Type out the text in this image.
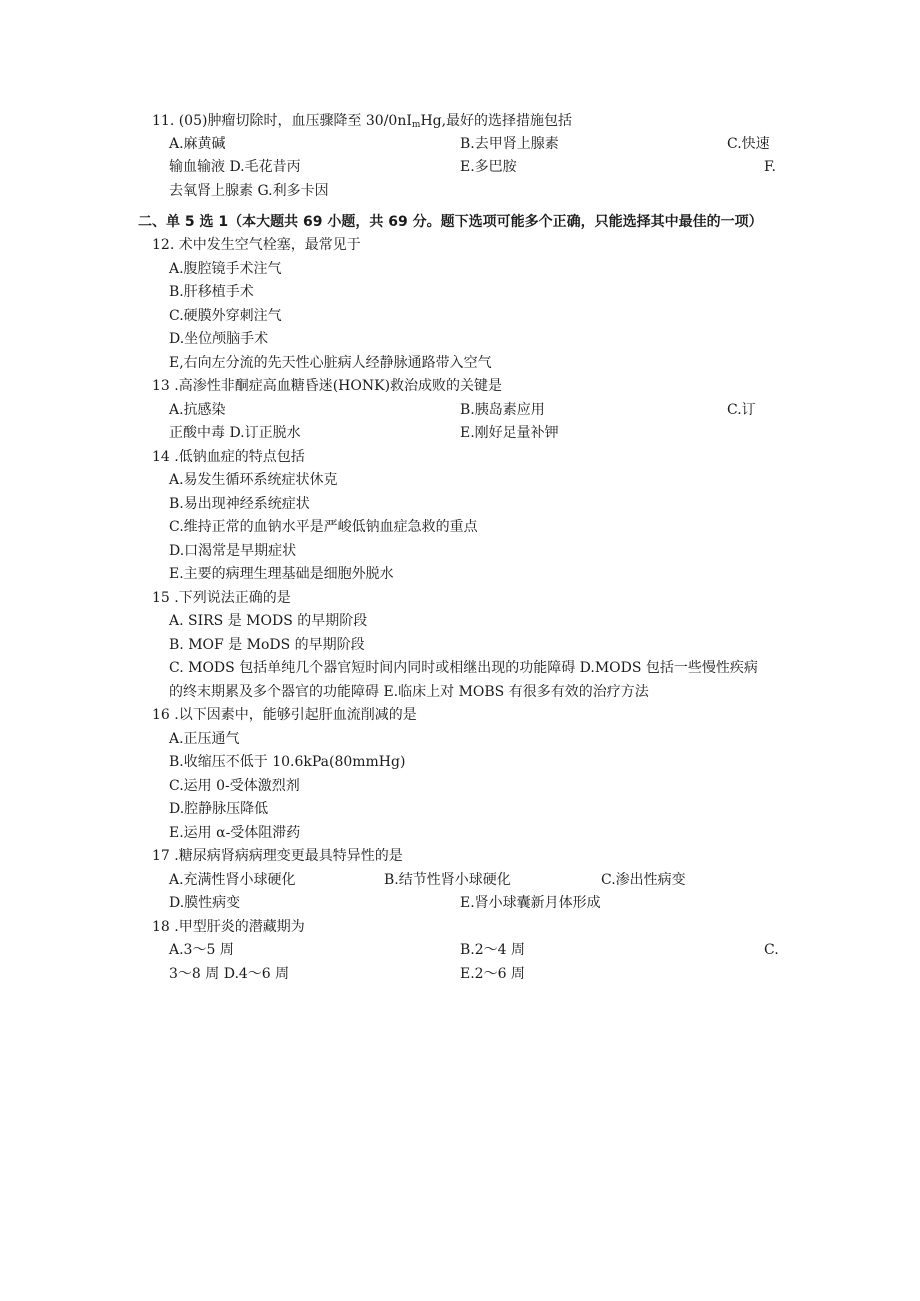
11. (05)肿瘤切除时，血压骤降至 $30/0nI_mHg$,最好的选择措施包括
A.麻黄碱	B.去甲肾上腺素	C.快速
输血输液 D.毛花昔丙	E.多巴胺	F.
去氧肾上腺素 G.利多卡因
二、单 5 选 1（本大题共 69 小题，共 69 分。题下选项可能多个正确，只能选择其中最佳的一项）
12. 术中发生空气栓塞，最常见于
A.腹腔镜手术注气
B.肝移植手术
C.硬膜外穿刺注气
D.坐位颅脑手术
E,右向左分流的先天性心脏病人经静脉通路带入空气
13 .高渗性非酮症高血糖昏迷(HONK)救治成败的关键是
A.抗感染	B.胰岛素应用	C.订
正酸中毒 D.订正脱水	E.刚好足量补钾
14 .低钠血症的特点包括
A.易发生循环系统症状休克
B.易出现神经系统症状
C.维持正常的血钠水平是严峻低钠血症急救的重点
D.口渴常是早期症状
E.主要的病理生理基础是细胞外脱水
15 .下列说法正确的是
A. SIRS 是 MODS 的早期阶段
B. MOF 是 MoDS 的早期阶段
C. MODS 包括单纯几个器官短时间内同时或相继出现的功能障碍 D.MODS 包括一些慢性疾病
的终末期累及多个器官的功能障碍 E.临床上对 MOBS 有很多有效的治疗方法
16 .以下因素中，能够引起肝血流削减的是
A.正压通气
B.收缩压不低于 10.6kPa(80mmHg)
C.运用 0-受体激烈剂
D.腔静脉压降低
E.运用 α-受体阻滞药
17 .糖尿病肾病病理变更最具特异性的是
A.充满性肾小球硬化	B.结节性肾小球硬化	C.渗出性病变
D.膜性病变	E.肾小球囊新月体形成
18 .甲型肝炎的潜藏期为
A.3～5 周	B.2～4 周	C.
3～8 周 D.4～6 周	E.2～6 周
